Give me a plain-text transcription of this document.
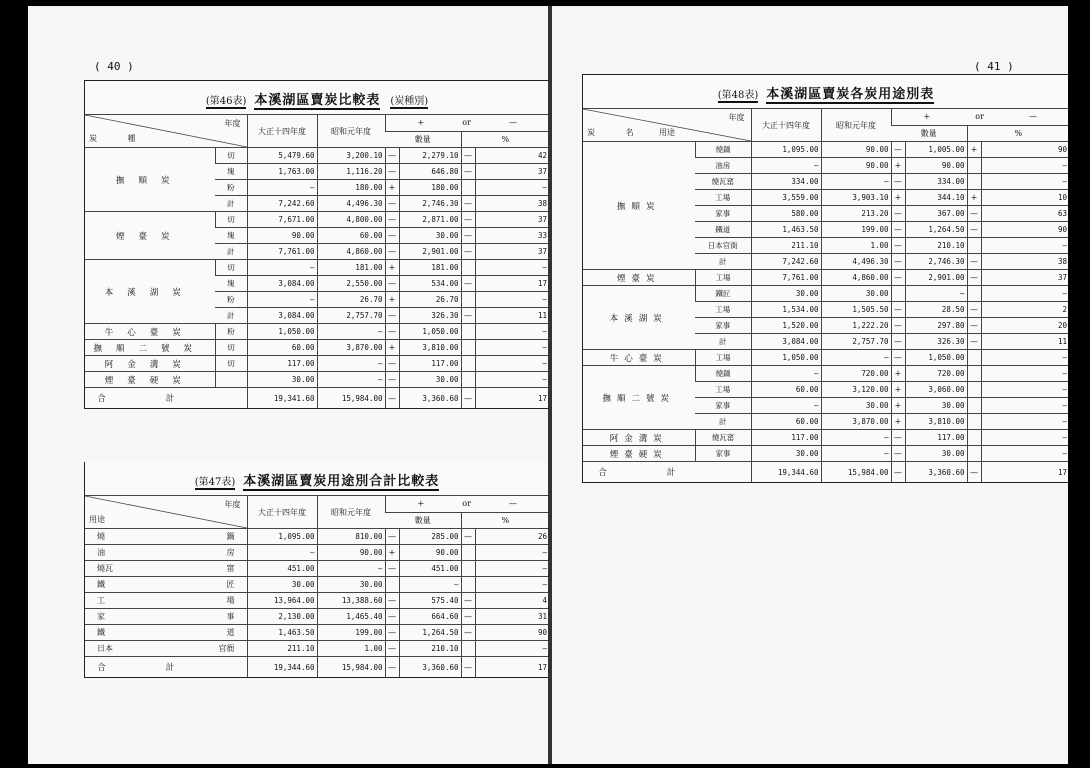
( 40 )
(第46表) 本溪湖區賣炭比較表 (炭種別)
年度
炭 種		大正十四年度	昭和元年度	+ or —			

				數量		%	
撫順炭	切	5,479.60	3,200.10	—	2,279.10	—	42
	塊	1,763.00	1,116.20	—	646.80	—	37
	粉	—	180.00	+	180.00		—
	計	7,242.60	4,496.30	—	2,746.30	—	38
煙臺炭	切	7,671.00	4,800.00	—	2,871.00	—	37
	塊	90.00	60.00	—	30.00	—	33
	計	7,761.00	4,860.00	—	2,901.00	—	37
本溪湖炭	切	—	181.00	+	181.00		—
	塊	3,084.00	2,550.00	—	534.00	—	17
	粉	—	26.70	+	26.70		—
	計	3,084.00	2,757.70	—	326.30	—	11
牛心臺炭	粉	1,050.00	—	—	1,050.00		—
撫順二號炭	切	60.00	3,870.00	+	3,810.00		—
阿金溝炭	切	117.00	—	—	117.00		—
煙臺硬炭		30.00	—	—	30.00		—
合計		19,341.60	15,984.00	—	3,360.60	—	17
(第47表) 本溪湖區賣炭用途別合計比較表
年度
用途	大正十四年度	昭和元年度	+ or —			

			數量		%	

燒 鍋	1,095.00	810.00	—	285.00	—	26

油 房	—	90.00	+	90.00		—

燒瓦 窰	451.00	—	—	451.00		—

鐵 匠	30.00	30.00		—		—

工 場	13,964.00	13,388.60	—	575.40	—	4

家 事	2,130.00	1,465.40	—	664.60	—	31

鐵 道	1,463.50	199.00	—	1,264.50	—	90

日本 官衙	211.10	1.00	—	210.10		—
合計	19,344.60	15,984.00	—	3,360.60	—	17
( 41 )
(第48表) 本溪湖區賣炭各炭用途別表
年度
炭 名 用途		大正十四年度	昭和元年度	+ or —			

				數量		%	
撫順炭	燒鍋	1,095.00	90.00	—	1,005.00	+	90
	油房	—	90.00	+	90.00		—
	燒瓦窰	334.00	—	—	334.00		—
	工場	3,559.00	3,903.10	+	344.10	+	10
	家事	580.00	213.20	—	367.00	—	63
	鐵道	1,463.50	199.00	—	1,264.50	—	90
	日本官衙	211.10	1.00	—	210.10		—
	計	7,242.60	4,496.30	—	2,746.30	—	38
煙臺炭	工場	7,761.00	4,860.00	—	2,901.00	—	37
本溪湖炭	鐵匠	30.00	30.00		—		—
	工場	1,534.00	1,505.50	—	28.50	—	2
	家事	1,520.00	1,222.20	—	297.80	—	20
	計	3,084.00	2,757.70	—	326.30	—	11
牛心臺炭	工場	1,050.00	—	—	1,050.00		—
撫順二號炭	燒鍋	—	720.00	+	720.00		—
	工場	60.00	3,120.00	+	3,060.00		—
	家事	—	30.00	+	30.00		—
	計	60.00	3,870.00	+	3,810.00		—
阿金溝炭	燒瓦窰	117.00	—	—	117.00		—
煙臺硬炭	家事	30.00	—	—	30.00		—
合計		19,344.60	15,984.00	—	3,360.60	—	17
